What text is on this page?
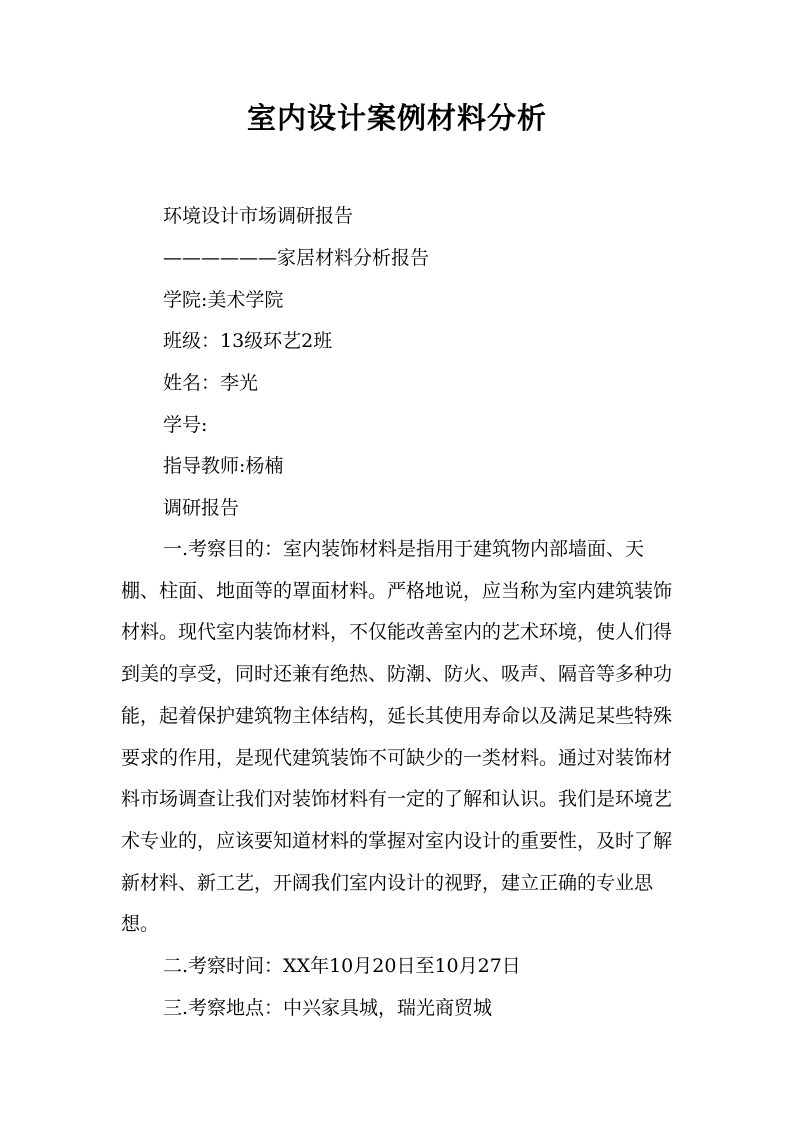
室内设计案例材料分析

环境设计市场调研报告

——————家居材料分析报告

学院:美术学院

班级：13级环艺2班

姓名：李光

学号:

指导教师:杨楠

调研报告

一.考察目的：室内装饰材料是指用于建筑物内部墙面、天棚、柱面、地面等的罩面材料。严格地说，应当称为室内建筑装饰材料。现代室内装饰材料，不仅能改善室内的艺术环境，使人们得到美的享受，同时还兼有绝热、防潮、防火、吸声、隔音等多种功能，起着保护建筑物主体结构，延长其使用寿命以及满足某些特殊要求的作用，是现代建筑装饰不可缺少的一类材料。通过对装饰材料市场调查让我们对装饰材料有一定的了解和认识。我们是环境艺术专业的，应该要知道材料的掌握对室内设计的重要性，及时了解新材料、新工艺，开阔我们室内设计的视野，建立正确的专业思想。

二.考察时间：XX年10月20日至10月27日

三.考察地点：中兴家具城，瑞光商贸城
